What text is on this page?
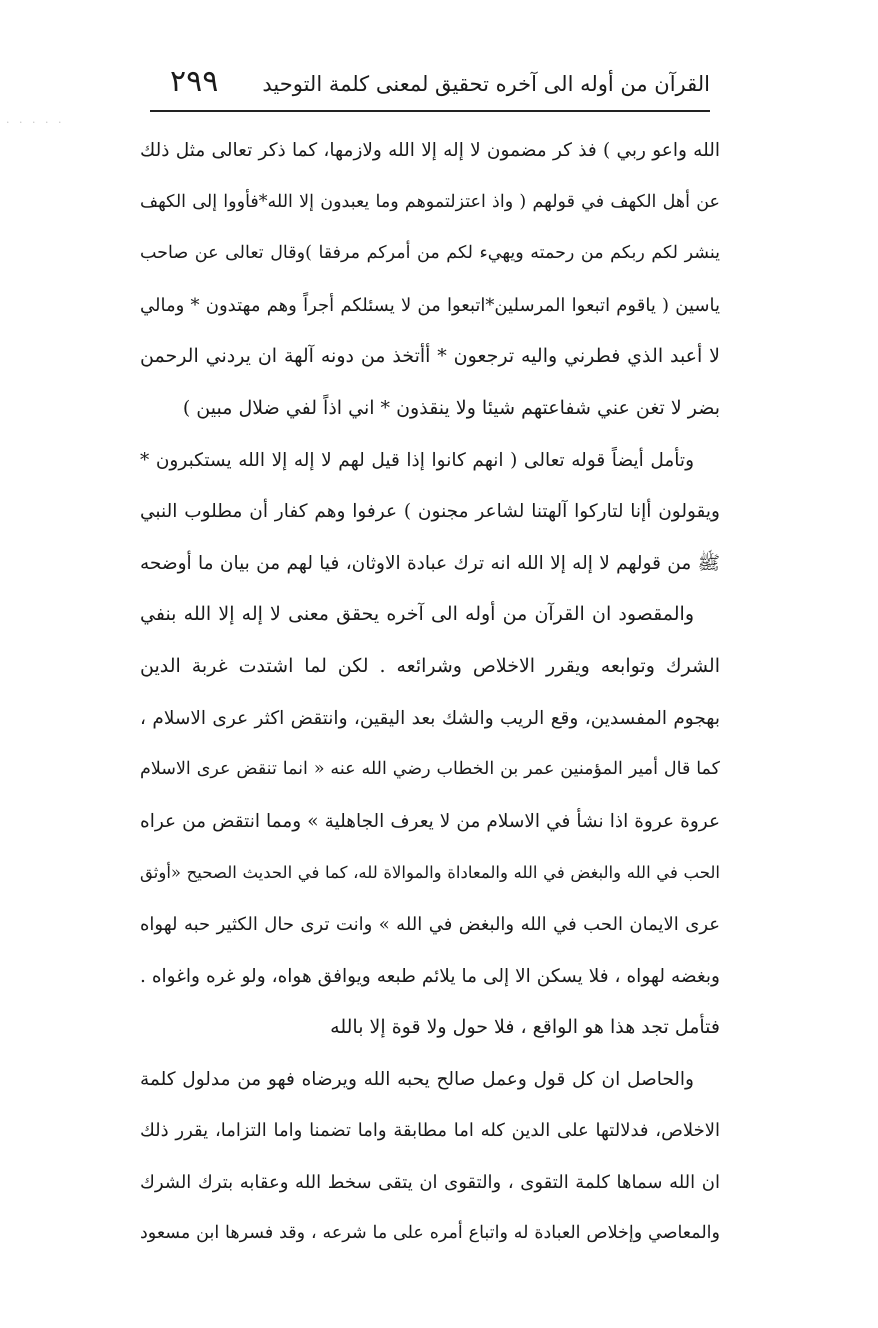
القرآن من أوله الى آخره تحقيق لمعنى كلمة التوحيد
٢٩٩
· · · · ·
الله واعو ربي ) فذ كر مضمون لا إله إلا الله ولازمها، كما ذكر تعالى مثل ذلك
عن أهل الكهف في قولهم ( واذ اعتزلتموهم وما يعبدون إلا الله*فأووا إلى الكهف
ينشر لكم ربكم من رحمته ويهيء لكم من أمركم مرفقا )وقال تعالى عن صاحب
ياسين ( ياقوم اتبعوا المرسلين*اتبعوا من لا يسئلكم أجراً وهم مهتدون * ومالي
لا أعبد الذي فطرني واليه ترجعون * أأتخذ من دونه آلهة ان يردني الرحمن
بضر لا تغن عني شفاعتهم شيئا ولا ينقذون * اني اذاً لفي ضلال مبين )
وتأمل أيضاً قوله تعالى ( انهم كانوا إذا قيل لهم لا إله إلا الله يستكبرون *
ويقولون أإنا لتاركوا آلهتنا لشاعر مجنون ) عرفوا وهم كفار أن مطلوب النبي
ﷺ من قولهم لا إله إلا الله انه ترك عبادة الاوثان، فيا لهم من بيان ما أوضحه
والمقصود ان القرآن من أوله الى آخره يحقق معنى لا إله إلا الله بنفي
الشرك وتوابعه ويقرر الاخلاص وشرائعه . لكن لما اشتدت غربة الدين
بهجوم المفسدين، وقع الريب والشك بعد اليقين، وانتقض اكثر عرى الاسلام ،
كما قال أمير المؤمنين عمر بن الخطاب رضي الله عنه « انما تنقض عرى الاسلام
عروة عروة اذا نشأ في الاسلام من لا يعرف الجاهلية » ومما انتقض من عراه
الحب في الله والبغض في الله والمعاداة والموالاة لله، كما في الحديث الصحيح «أوثق
عرى الايمان الحب في الله والبغض في الله » وانت ترى حال الكثير حبه لهواه
وبغضه لهواه ، فلا يسكن الا إلى ما يلائم طبعه ويوافق هواه، ولو غره واغواه .
فتأمل تجد هذا هو الواقع ، فلا حول ولا قوة إلا بالله
والحاصل ان كل قول وعمل صالح يحبه الله ويرضاه فهو من مدلول كلمة
الاخلاص، فدلالتها على الدين كله اما مطابقة واما تضمنا واما التزاما، يقرر ذلك
ان الله سماها كلمة التقوى ، والتقوى ان يتقى سخط الله وعقابه بترك الشرك
والمعاصي وإخلاص العبادة له واتباع أمره على ما شرعه ، وقد فسرها ابن مسعود
